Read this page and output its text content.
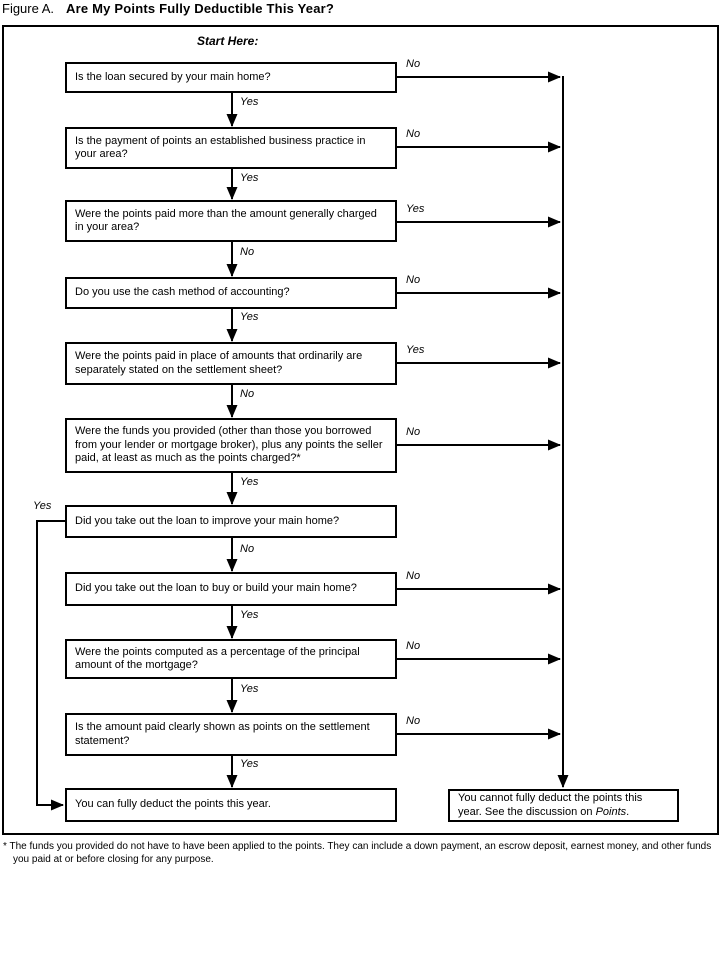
Figure A. Are My Points Fully Deductible This Year?
Start Here:
Is the loan secured by your main home?
Is the payment of points an established business practice in your area?
Were the points paid more than the amount generally charged in your area?
Do you use the cash method of accounting?
Were the points paid in place of amounts that ordinarily are separately stated on the settlement sheet?
Were the funds you provided (other than those you borrowed from your lender or mortgage broker), plus any points the seller paid, at least as much as the points charged?*
Did you take out the loan to improve your main home?
Did you take out the loan to buy or build your main home?
Were the points computed as a percentage of the principal amount of the mortgage?
Is the amount paid clearly shown as points on the settlement statement?
You can fully deduct the points this year.
You cannot fully deduct the points this year. See the discussion on Points.
Yes
Yes
No
Yes
No
Yes
No
Yes
Yes
Yes
No
No
Yes
No
Yes
No
No
No
No
Yes
* The funds you provided do not have to have been applied to the points. They can include a down payment, an escrow deposit, earnest money, and other funds you paid at or before closing for any purpose.
